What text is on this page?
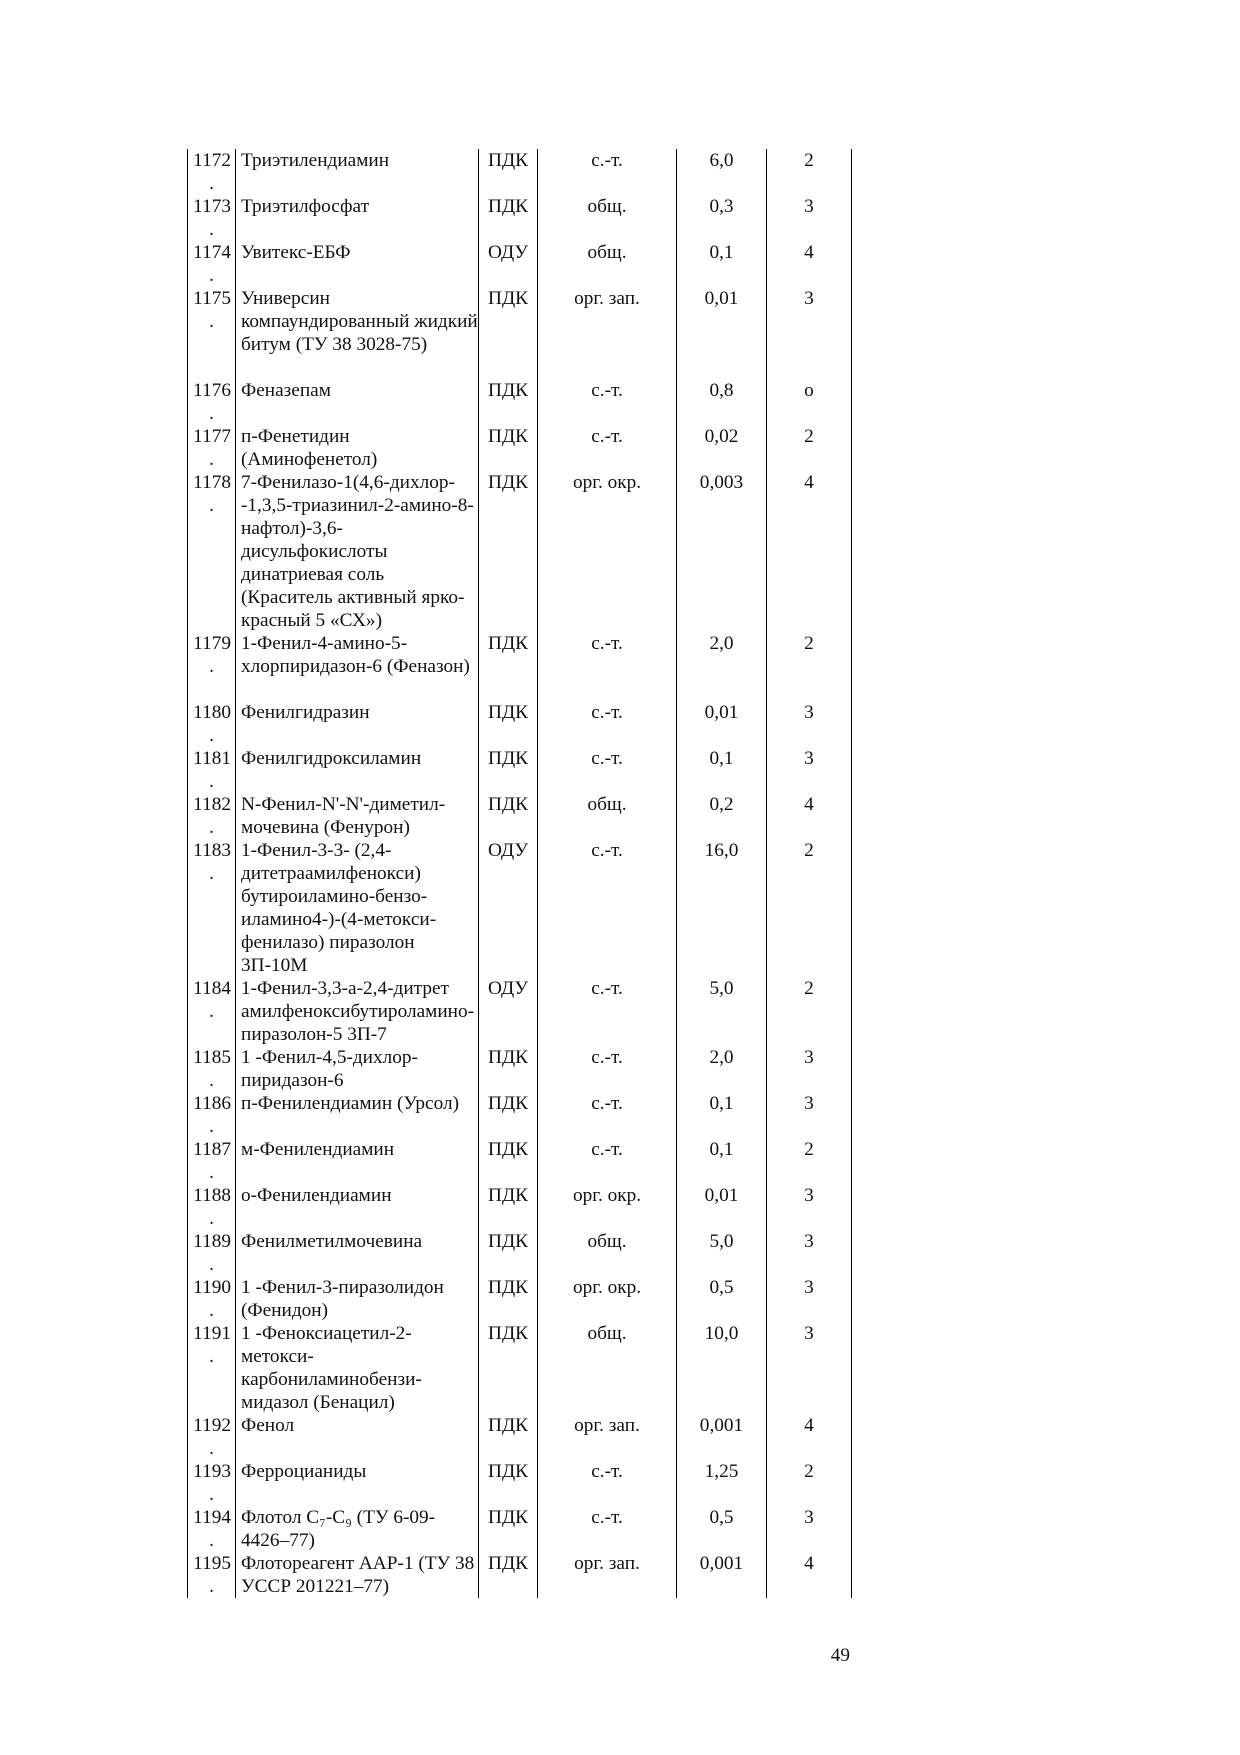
1172
.	Триэтилендиамин	ПДК	с.-т.	6,0	2
1173
.	Триэтилфосфат	ПДК	общ.	0,3	3
1174
.	Увитекс-ЕБФ	ОДУ	общ.	0,1	4
1175
.	Универсин компаундированный жидкий битум (ТУ 38 3028-75)	ПДК	орг. зап.	0,01	3
1176
.	Феназепам	ПДК	с.-т.	0,8	о
1177
.	п-Фенетидин (Аминофенетол)	ПДК	с.-т.	0,02	2
1178
.	7-Фенилазо-1(4,6-дихлор--1,3,5-триазинил-2-амино-8-нафтол)-3,6-дисульфокислоты динатриевая соль (Краситель активный ярко-красный 5 «СХ»)	ПДК	орг. окр.	0,003	4
1179
.	1-Фенил-4-амино-5-хлорпиридазон-6 (Феназон)	ПДК	с.-т.	2,0	2
1180
.	Фенилгидразин	ПДК	с.-т.	0,01	3
1181
.	Фенилгидроксиламин	ПДК	с.-т.	0,1	3
1182
.	N-Фенил-N'-N'-диметил-мочевина (Фенурон)	ПДК	общ.	0,2	4
1183
.	1-Фенил-3-3- (2,4-дитетраамилфенокси) бутироиламино-бензо-иламино4-)-(4-метокси-фенилазо) пиразолон 3П-10М	ОДУ	с.-т.	16,0	2
1184
.	1-Фенил-3,3-а-2,4-дитрет амилфеноксибутироламино-пиразолон-5 3П-7	ОДУ	с.-т.	5,0	2
1185
.	1 -Фенил-4,5-дихлор-пиридазон-6	ПДК	с.-т.	2,0	3
1186
.	п-Фенилендиамин (Урсол)	ПДК	с.-т.	0,1	3
1187
.	м-Фенилендиамин	ПДК	с.-т.	0,1	2
1188
.	о-Фенилендиамин	ПДК	орг. окр.	0,01	3
1189
.	Фенилметилмочевина	ПДК	общ.	5,0	3
1190
.	1 -Фенил-3-пиразолидон (Фенидон)	ПДК	орг. окр.	0,5	3
1191
.	1 -Феноксиацетил-2-метокси-карбониламинобензи-мидазол (Бенацил)	ПДК	общ.	10,0	3
1192
.	Фенол	ПДК	орг. зап.	0,001	4
1193
.	Ферроцианиды	ПДК	с.-т.	1,25	2
1194
.	Флотол C₇-C₉ (ТУ 6-09-4426–77)	ПДК	с.-т.	0,5	3
1195
.	Флотореагент ААР-1 (ТУ 38 УССР 201221–77)	ПДК	орг. зап.	0,001	4
49
